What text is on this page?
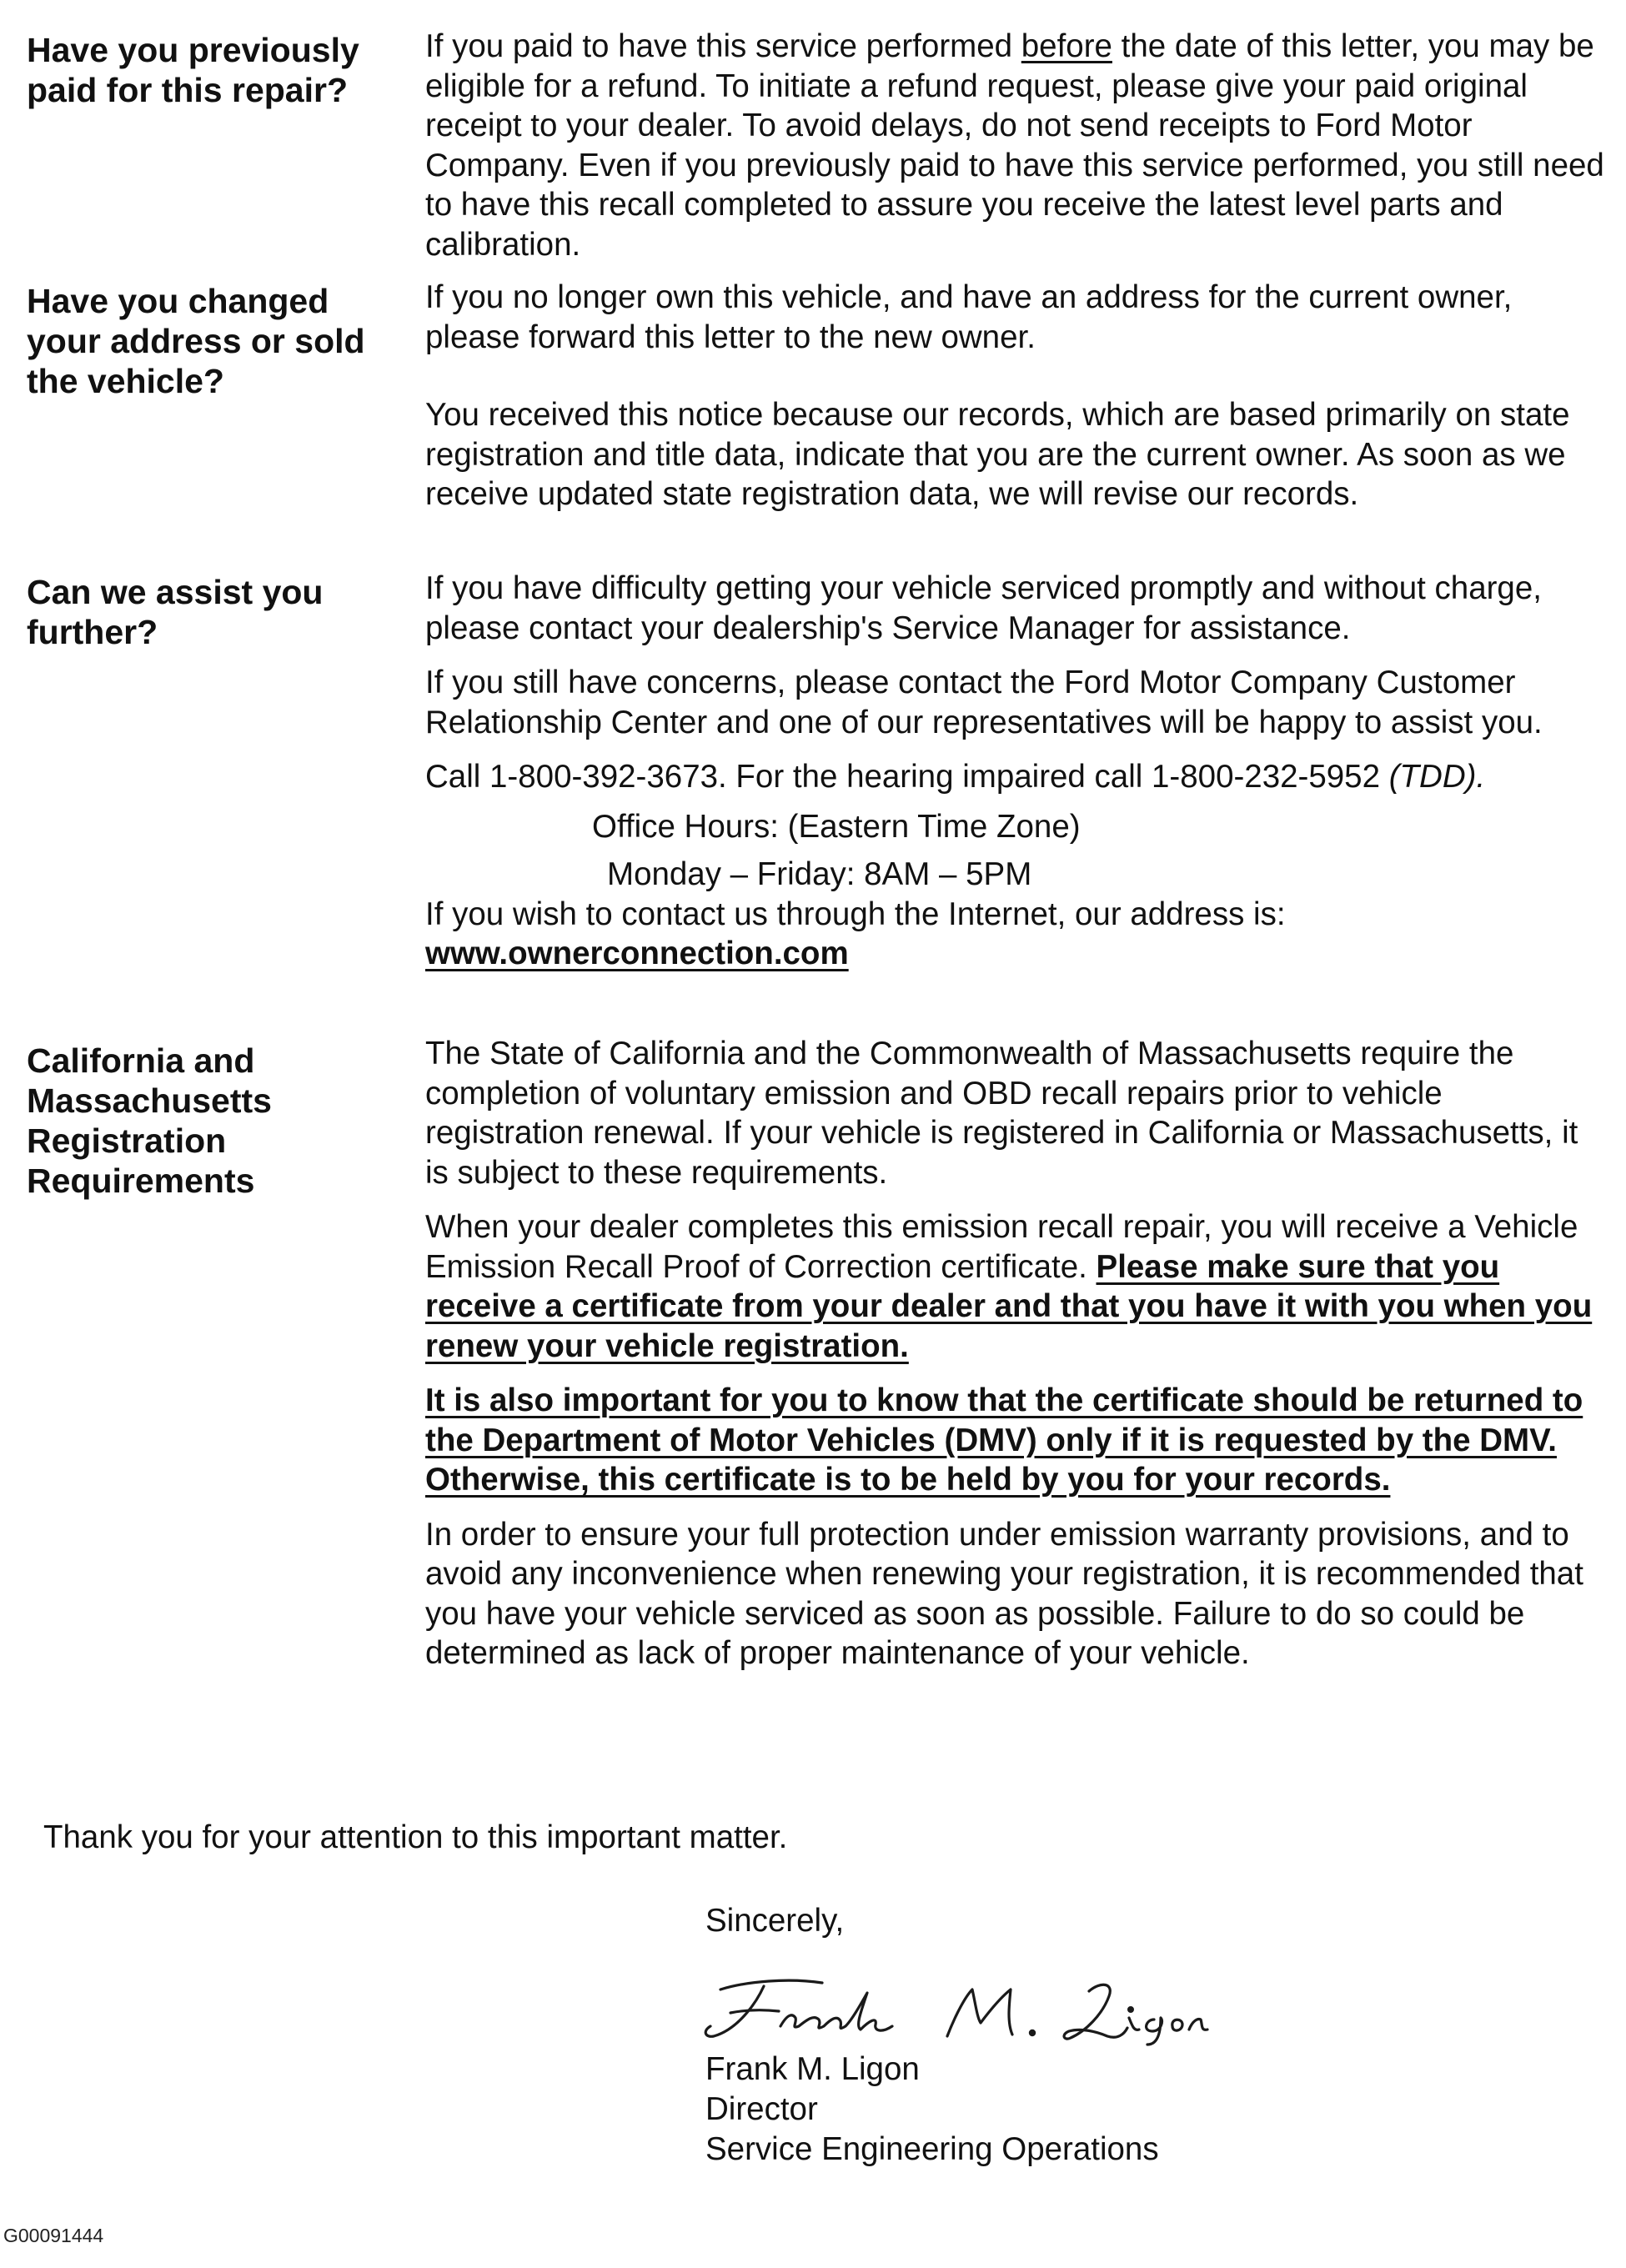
Have you previously
paid for this repair?

If you paid to have this service performed before the date of this letter, you may be eligible for a refund. To initiate a refund request, please give your paid original receipt to your dealer. To avoid delays, do not send receipts to Ford Motor Company. Even if you previously paid to have this service performed, you still need to have this recall completed to assure you receive the latest level parts and calibration.

Have you changed
your address or sold
the vehicle?

If you no longer own this vehicle, and have an address for the current owner, please forward this letter to the new owner.

You received this notice because our records, which are based primarily on state registration and title data, indicate that you are the current owner. As soon as we receive updated state registration data, we will revise our records.

Can we assist you
further?

If you have difficulty getting your vehicle serviced promptly and without charge, please contact your dealership's Service Manager for assistance.

If you still have concerns, please contact the Ford Motor Company Customer Relationship Center and one of our representatives will be happy to assist you.

Call 1-800-392-3673. For the hearing impaired call 1-800-232-5952 (TDD).

Office Hours: (Eastern Time Zone)
Monday – Friday: 8AM – 5PM
If you wish to contact us through the Internet, our address is:
www.ownerconnection.com
California and
Massachusetts
Registration
Requirements

The State of California and the Commonwealth of Massachusetts require the completion of voluntary emission and OBD recall repairs prior to vehicle registration renewal. If your vehicle is registered in California or Massachusetts, it is subject to these requirements.

When your dealer completes this emission recall repair, you will receive a Vehicle Emission Recall Proof of Correction certificate. Please make sure that you receive a certificate from your dealer and that you have it with you when you renew your vehicle registration.

It is also important for you to know that the certificate should be returned to the Department of Motor Vehicles (DMV) only if it is requested by the DMV. Otherwise, this certificate is to be held by you for your records.

In order to ensure your full protection under emission warranty provisions, and to avoid any inconvenience when renewing your registration, it is recommended that you have your vehicle serviced as soon as possible. Failure to do so could be determined as lack of proper maintenance of your vehicle.

Thank you for your attention to this important matter.
Sincerely,
Frank M. Ligon
Director
Service Engineering Operations
G00091444
